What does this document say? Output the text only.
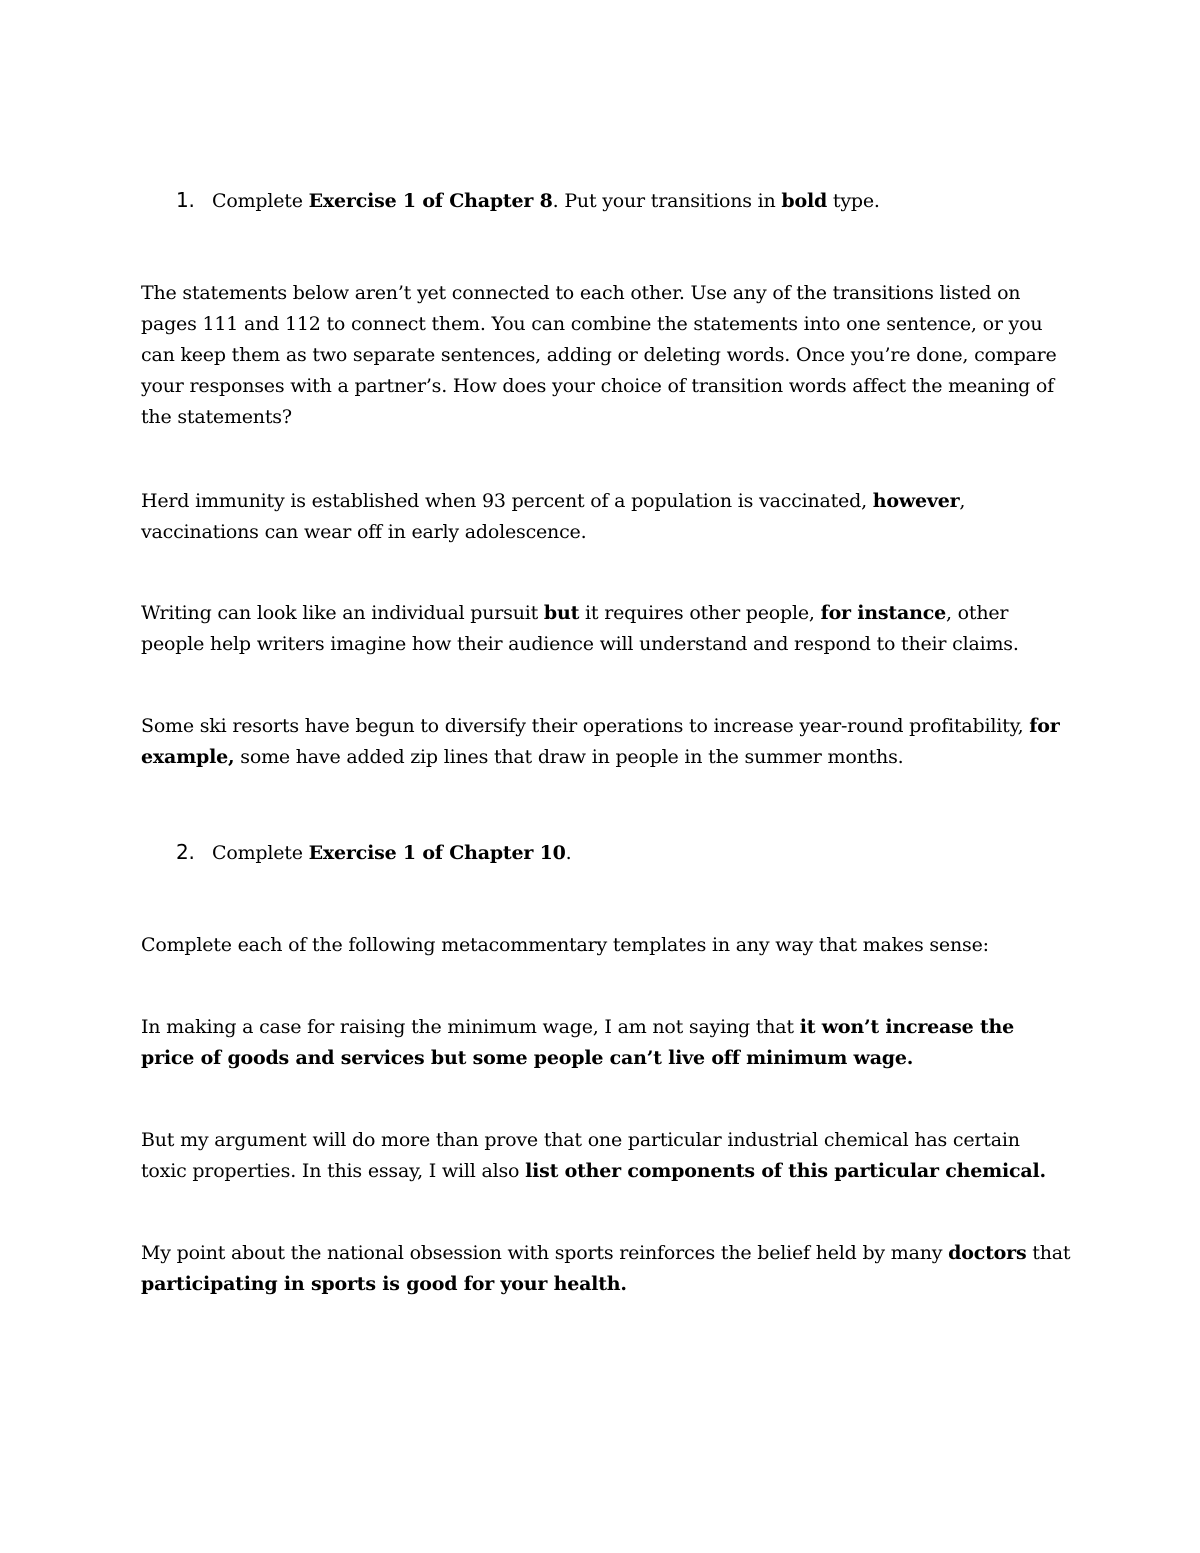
1. Complete Exercise 1 of Chapter 8. Put your transitions in bold type.

The statements below aren’t yet connected to each other. Use any of the transitions listed on pages 111 and 112 to connect them. You can combine the statements into one sentence, or you can keep them as two separate sentences, adding or deleting words. Once you’re done, compare your responses with a partner’s. How does your choice of transition words affect the meaning of the statements?

Herd immunity is established when 93 percent of a population is vaccinated, however, vaccinations can wear off in early adolescence.

Writing can look like an individual pursuit but it requires other people, for instance, other people help writers imagine how their audience will understand and respond to their claims.

Some ski resorts have begun to diversify their operations to increase year-round profitability, for example, some have added zip lines that draw in people in the summer months.

2. Complete Exercise 1 of Chapter 10.

Complete each of the following metacommentary templates in any way that makes sense:

In making a case for raising the minimum wage, I am not saying that it won’t increase the price of goods and services but some people can’t live off minimum wage.

But my argument will do more than prove that one particular industrial chemical has certain toxic properties. In this essay, I will also list other components of this particular chemical.

My point about the national obsession with sports reinforces the belief held by many doctors that participating in sports is good for your health.
